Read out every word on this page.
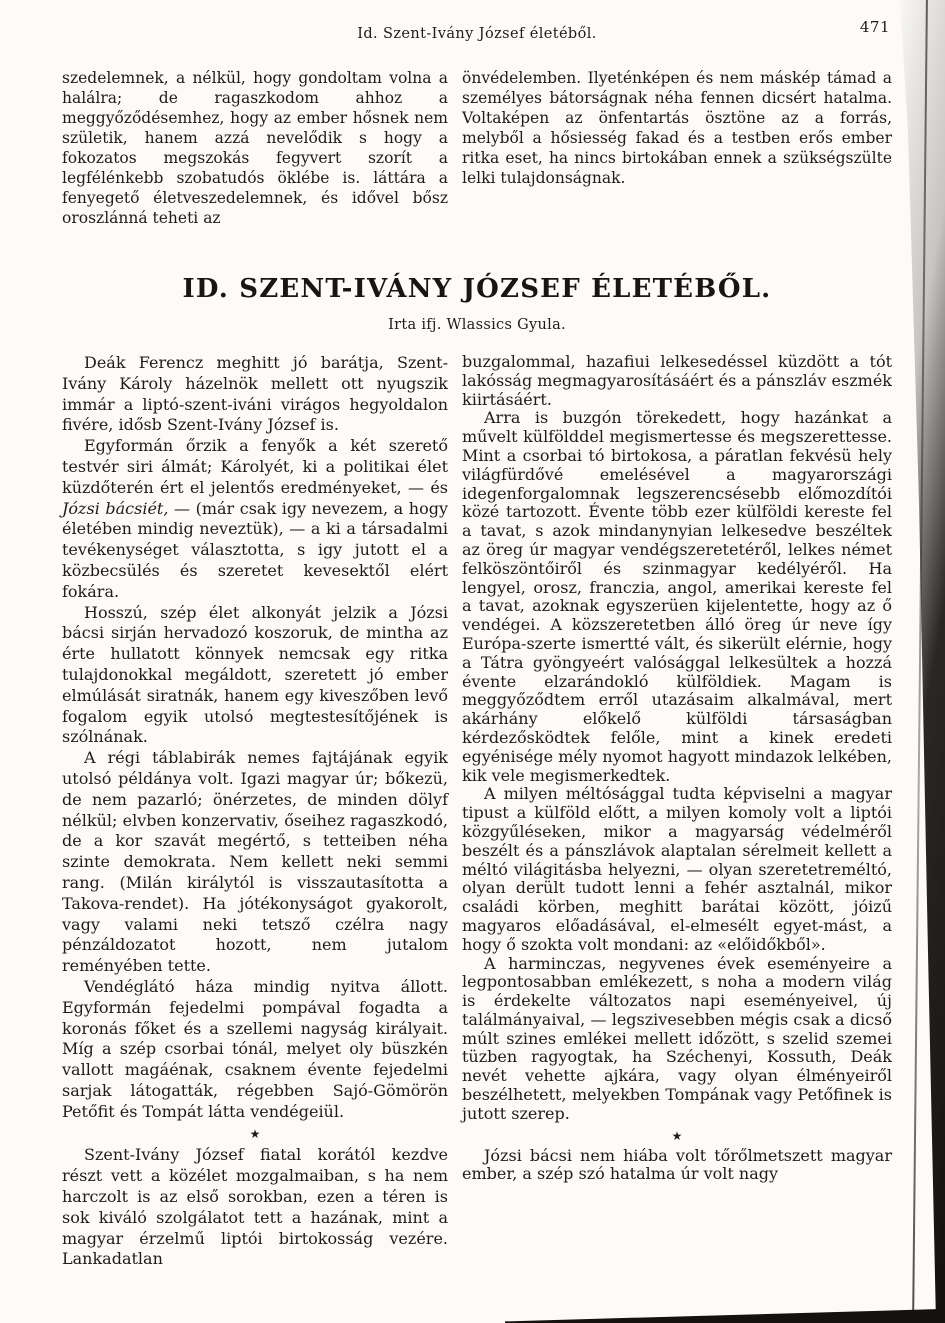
471
Id. Szent-Ivány József életéből.

szedelemnek, a nélkül, hogy gondoltam volna a halálra; de ragaszkodom ahhoz a meggyőződésemhez, hogy az ember hősnek nem születik, hanem azzá nevelődik s hogy a fokozatos megszokás fegyvert szorít a legfélénkebb szobatudós öklébe is. láttára a fenyegető életveszedelemnek, és idővel bősz oroszlánná teheti az

önvédelemben. Ilyeténképen és nem máskép támad a személyes bátorságnak néha fennen dicsért hatalma. Voltaképen az önfentartás ösztöne az a forrás, melyből a hősiesség fakad és a testben erős ember ritka eset, ha nincs birtokában ennek a szükségszülte lelki tulajdonságnak.

ID. SZENT-IVÁNY JÓZSEF ÉLETÉBŐL.
Irta ifj. Wlassics Gyula.

Deák Ferencz meghitt jó barátja, Szent-Ivány Károly házelnök mellett ott nyugszik immár a liptó-szent-iváni virágos hegyoldalon fivére, idősb Szent-Ivány József is.

Egyformán őrzik a fenyők a két szerető testvér siri álmát; Károlyét, ki a politikai élet küzdőterén ért el jelentős eredményeket, — és Józsi bácsiét, — (már csak igy nevezem, a hogy életében mindig neveztük), — a ki a társadalmi tevékenységet választotta, s igy jutott el a közbecsülés és szeretet kevesektől elért fokára.

Hosszú, szép élet alkonyát jelzik a Józsi bácsi sirján hervadozó koszoruk, de mintha az érte hullatott könnyek nemcsak egy ritka tulajdonokkal megáldott, szeretett jó ember elmúlását siratnák, hanem egy kiveszőben levő fogalom egyik utolsó megtestesítőjének is szólnának.

A régi táblabirák nemes fajtájának egyik utolsó példánya volt. Igazi magyar úr; bőkezü, de nem pazarló; önérzetes, de minden dölyf nélkül; elvben konzervativ, őseihez ragaszkodó, de a kor szavát megértő, s tetteiben néha szinte demokrata. Nem kellett neki semmi rang. (Milán királytól is visszautasította a Takova-rendet). Ha jótékonyságot gyakorolt, vagy valami neki tetsző czélra nagy pénzáldozatot hozott, nem jutalom reményében tette.

Vendéglátó háza mindig nyitva állott. Egyformán fejedelmi pompával fogadta a koronás főket és a szellemi nagyság királyait. Míg a szép csorbai tónál, melyet oly büszkén vallott magáénak, csaknem évente fejedelmi sarjak látogatták, régebben Sajó-Gömörön Petőfit és Tompát látta vendégeiül.

★

Szent-Ivány József fiatal korától kezdve részt vett a közélet mozgalmaiban, s ha nem harczolt is az első sorokban, ezen a téren is sok kiváló szolgálatot tett a hazának, mint a magyar érzelmű liptói birtokosság vezére. Lankadatlan

buzgalommal, hazafiui lelkesedéssel küzdött a tót lakósság megmagyarosításáért és a pánszláv eszmék kiirtásáért.

Arra is buzgón törekedett, hogy hazánkat a művelt külfölddel megismertesse és megszerettesse. Mint a csorbai tó birtokosa, a páratlan fekvésü hely világfürdővé emelésével a magyarországi idegenforgalomnak legszerencsésebb előmozdítói közé tartozott. Évente több ezer külföldi kereste fel a tavat, s azok mindanynyian lelkesedve beszéltek az öreg úr magyar vendégszeretetéről, lelkes német felköszöntőiről és szinmagyar kedélyéről. Ha lengyel, orosz, franczia, angol, amerikai kereste fel a tavat, azoknak egyszerüen kijelentette, hogy az ő vendégei. A közszeretetben álló öreg úr neve így Európa-szerte ismertté vált, és sikerült elérnie, hogy a Tátra gyöngyeért valósággal lelkesültek a hozzá évente elzarándokló külföldiek. Magam is meggyőződtem erről utazásaim alkalmával, mert akárhány előkelő külföldi társaságban kérdezősködtek felőle, mint a kinek eredeti egyénisége mély nyomot hagyott mindazok lelkében, kik vele megismerkedtek.

A milyen méltósággal tudta képviselni a magyar tipust a külföld előtt, a milyen komoly volt a liptói közgyűléseken, mikor a magyarság védelméről beszélt és a pánszlávok alaptalan sérelmeit kellett a méltó világitásba helyezni, — olyan szeretetreméltó, olyan derült tudott lenni a fehér asztalnál, mikor családi körben, meghitt barátai között, jóizű magyaros előadásával, el-elmesélt egyet-mást, a hogy ő szokta volt mondani: az «előidőkből».

A harminczas, negyvenes évek eseményeire a legpontosabban emlékezett, s noha a modern világ is érdekelte változatos napi eseményeivel, új találmányaival, — legszivesebben mégis csak a dicső múlt szines emlékei mellett időzött, s szelid szemei tüzben ragyogtak, ha Széchenyi, Kossuth, Deák nevét vehette ajkára, vagy olyan élményeiről beszélhetett, melyekben Tompának vagy Petőfinek is jutott szerep.

★

Józsi bácsi nem hiába volt tőrőlmetszett magyar ember, a szép szó hatalma úr volt nagy
